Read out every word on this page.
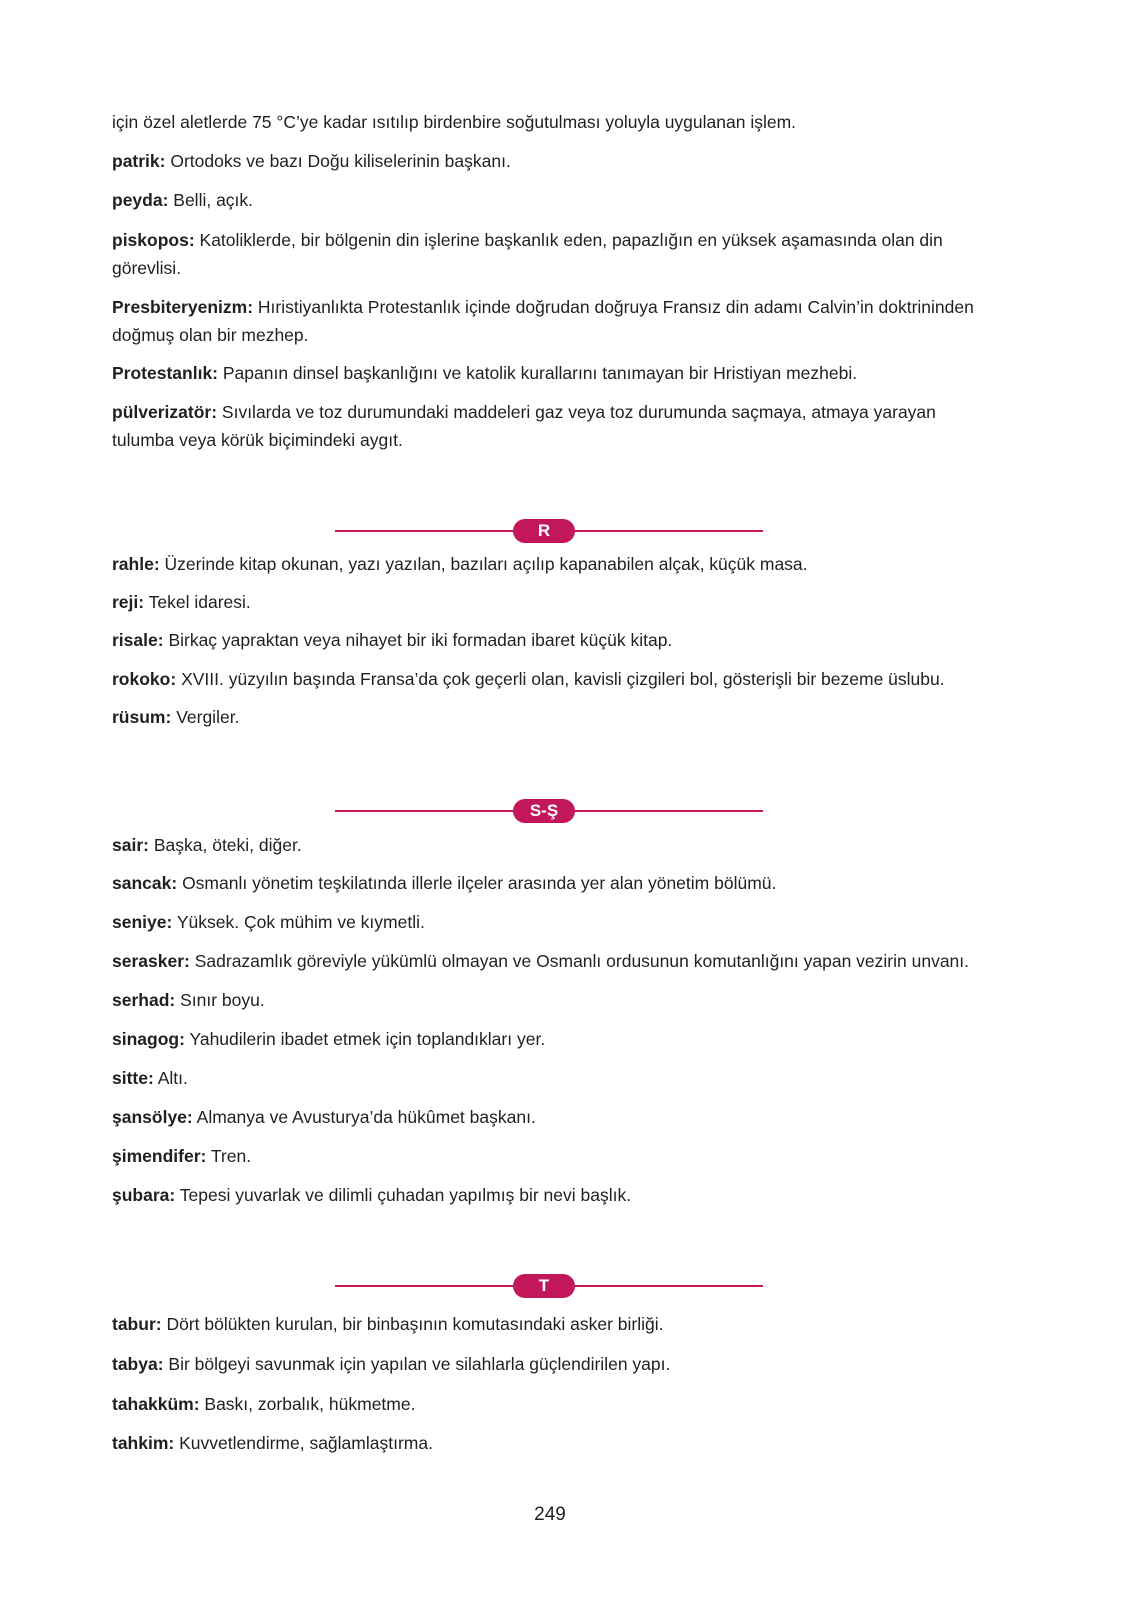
için özel aletlerde 75 °C’ye kadar ısıtılıp birdenbire soğutulması yoluyla uygulanan işlem.

patrik: Ortodoks ve bazı Doğu kiliselerinin başkanı.

peyda: Belli, açık.

piskopos: Katoliklerde, bir bölgenin din işlerine başkanlık eden, papazlığın en yüksek aşamasında olan din görevlisi.

Presbiteryenizm: Hıristiyanlıkta Protestanlık içinde doğrudan doğruya Fransız din adamı Calvin’in doktrininden doğmuş olan bir mezhep.

Protestanlık: Papanın dinsel başkanlığını ve katolik kurallarını tanımayan bir Hristiyan mezhebi.

pülverizatör: Sıvılarda ve toz durumundaki maddeleri gaz veya toz durumunda saçmaya, atmaya yarayan tulumba veya körük biçimindeki aygıt.

R

rahle: Üzerinde kitap okunan, yazı yazılan, bazıları açılıp kapanabilen alçak, küçük masa.

reji: Tekel idaresi.

risale: Birkaç yapraktan veya nihayet bir iki formadan ibaret küçük kitap.

rokoko: XVIII. yüzyılın başında Fransa’da çok geçerli olan, kavisli çizgileri bol, gösterişli bir bezeme üslubu.

rüsum: Vergiler.

S-Ş

sair: Başka, öteki, diğer.

sancak: Osmanlı yönetim teşkilatında illerle ilçeler arasında yer alan yönetim bölümü.

seniye: Yüksek. Çok mühim ve kıymetli.

serasker: Sadrazamlık göreviyle yükümlü olmayan ve Osmanlı ordusunun komutanlığını yapan vezirin unvanı.

serhad: Sınır boyu.

sinagog: Yahudilerin ibadet etmek için toplandıkları yer.

sitte: Altı.

şansölye: Almanya ve Avusturya’da hükûmet başkanı.

şimendifer: Tren.

şubara: Tepesi yuvarlak ve dilimli çuhadan yapılmış bir nevi başlık.

T

tabur: Dört bölükten kurulan, bir binbaşının komutasındaki asker birliği.

tabya: Bir bölgeyi savunmak için yapılan ve silahlarla güçlendirilen yapı.

tahakküm: Baskı, zorbalık, hükmetme.

tahkim: Kuvvetlendirme, sağlamlaştırma.

249
